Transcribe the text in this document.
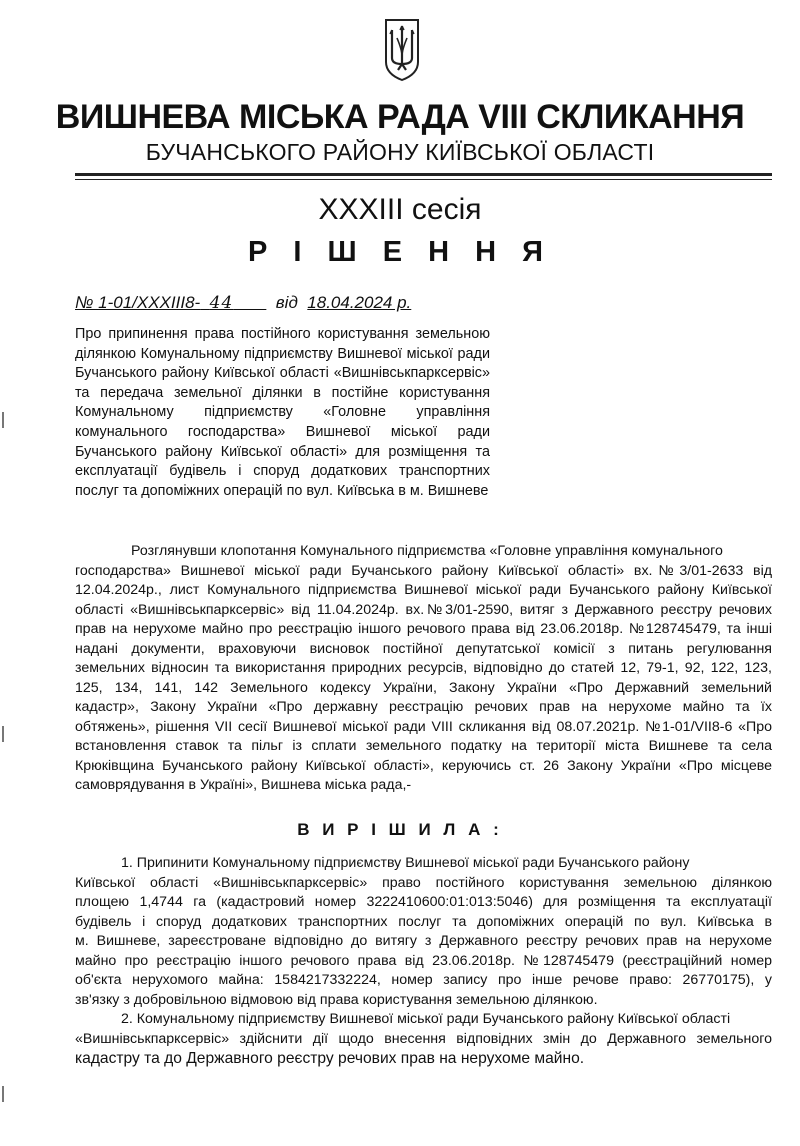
ВИШНЕВА МІСЬКА РАДА VIII СКЛИКАННЯ
БУЧАНСЬКОГО РАЙОНУ КИЇВСЬКОЇ ОБЛАСТІ
XXXIII сесія
Р І Ш Е Н Н Я
№ 1-01/XXXIII8- 44	від 18.04.2024 р.
Про припинення права постійного користування земельною
ділянкою Комунальному підприємству Вишневої міської ради
Бучанського району Київської області «Вишнівськпарксервіс»
та передача земельної ділянки в постійне користування
Комунальному підприємству «Головне управління
комунального господарства» Вишневої міської ради
Бучанського району Київської області» для розміщення та
експлуатації будівель і споруд додаткових транспортних
послуг та допоміжних операцій по вул. Київська в м. Вишневе
Розглянувши клопотання Комунального підприємства «Головне управління комунального
господарства» Вишневої міської ради Бучанського району Київської області» вх.№3/01-2633 від
12.04.2024р., лист Комунального підприємства Вишневої міської ради Бучанського району Київської
області «Вишнівськпарксервіс» від 11.04.2024р. вх.№3/01-2590, витяг з Державного реєстру речових
прав на нерухоме майно про реєстрацію іншого речового права від 23.06.2018р. №128745479, та інші
надані документи, враховуючи висновок постійної депутатської комісії з питань регулювання
земельних відносин та використання природних ресурсів, відповідно до статей 12, 79-1, 92, 122, 123,
125, 134, 141, 142 Земельного кодексу України, Закону України «Про Державний земельний
кадастр», Закону України «Про державну реєстрацію речових прав на нерухоме майно та їх
обтяжень», рішення VII сесії Вишневої міської ради VIII скликання від 08.07.2021р. №1-01/VII8-6 «Про
встановлення ставок та пільг із сплати земельного податку на території міста Вишневе та села
Крюківщина Бучанського району Київської області», керуючись ст. 26 Закону України «Про місцеве
самоврядування в Україні», Вишнева міська рада,-
В И Р І Ш И Л А :
1. Припинити Комунальному підприємству Вишневої міської ради Бучанського району
Київської області «Вишнівськпарксервіс» право постійного користування земельною ділянкою
площею 1,4744 га (кадастровий номер 3222410600:01:013:5046) для розміщення та експлуатації
будівель і споруд додаткових транспортних послуг та допоміжних операцій по вул. Київська в
м. Вишневе, зареєстроване відповідно до витягу з Державного реєстру речових прав на нерухоме
майно про реєстрацію іншого речового права від 23.06.2018р. №128745479 (реєстраційний номер
об'єкта нерухомого майна: 1584217332224, номер запису про інше речове право: 26770175), у
зв'язку з добровільною відмовою від права користування земельною ділянкою.
2. Комунальному підприємству Вишневої міської ради Бучанського району Київської області
«Вишнівськпарксервіс» здійснити дії щодо внесення відповідних змін до Державного земельного
кадастру та до Державного реєстру речових прав на нерухоме майно.
